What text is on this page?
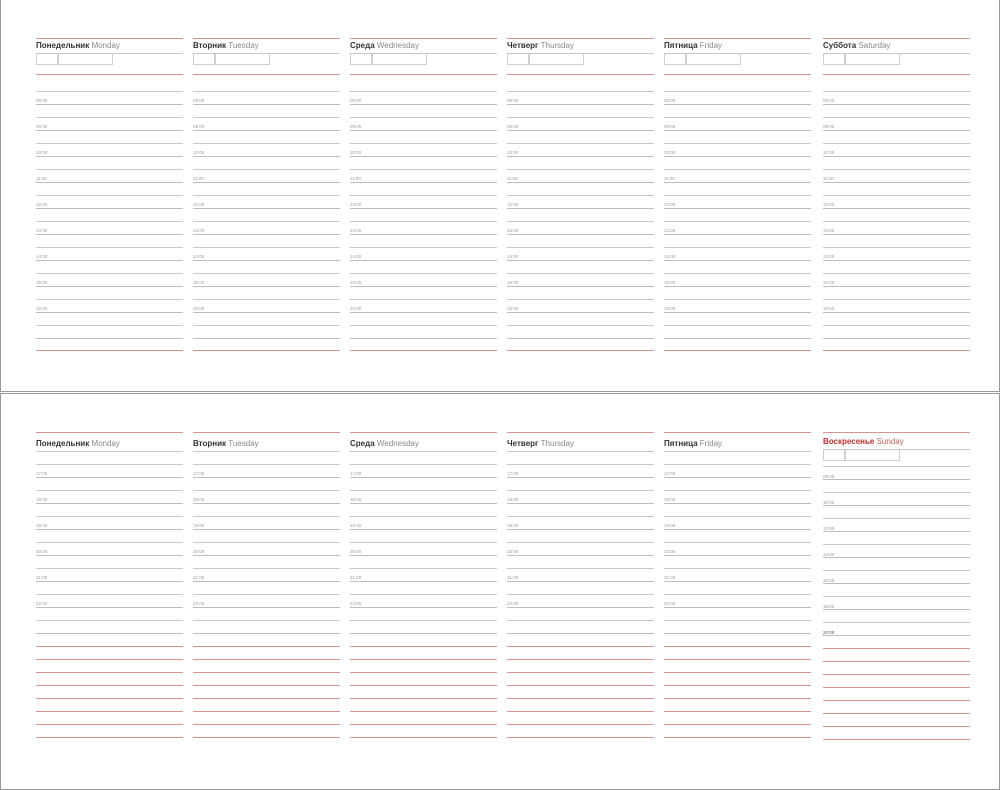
Понедельник Monday
08:00
09:00
10:00
11:00
12:00
13:00
14:00
15:00
16:00
Вторник Tuesday
08:00
09:00
10:00
11:00
12:00
13:00
14:00
15:00
16:00
Среда Wednesday
08:00
09:00
10:00
11:00
12:00
13:00
14:00
15:00
16:00
Четверг Thursday
08:00
09:00
10:00
11:00
12:00
13:00
14:00
15:00
16:00
Пятница Friday
08:00
09:00
10:00
11:00
12:00
13:00
14:00
15:00
16:00
Суббота Saturday
08:00
09:00
10:00
11:00
12:00
13:00
14:00
15:00
16:00
Понедельник Monday
17:00
18:00
19:00
20:00
21:00
22:00
Вторник Tuesday
17:00
18:00
19:00
20:00
21:00
22:00
Среда Wednesday
17:00
18:00
19:00
20:00
21:00
22:00
Четверг Thursday
17:00
18:00
19:00
20:00
21:00
22:00
Пятница Friday
17:00
18:00
19:00
20:00
21:00
22:00
Воскресенье Sunday
08:00
10:00
12:00
14:00
16:00
18:00
20:00
